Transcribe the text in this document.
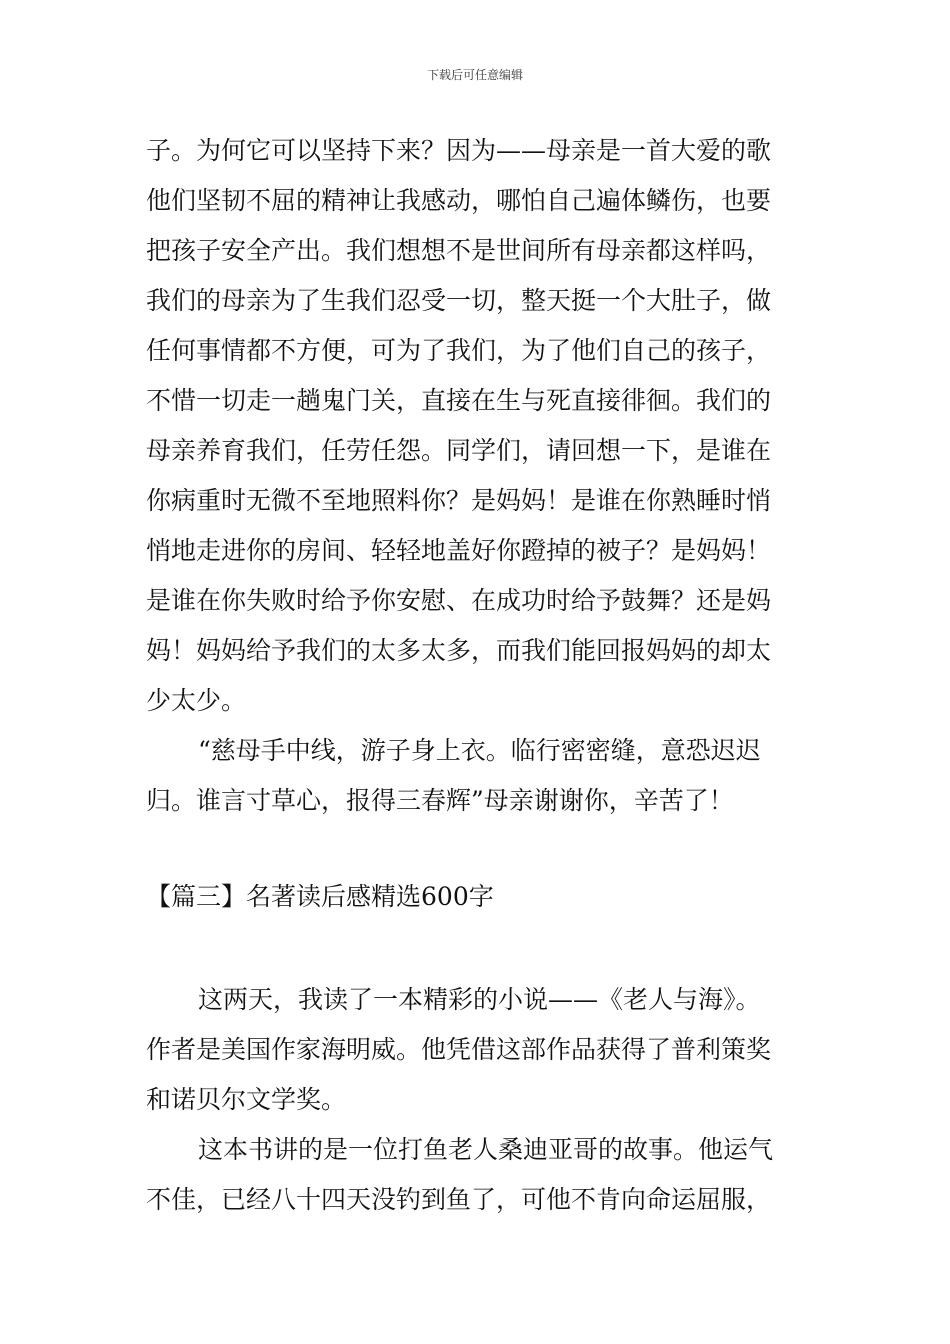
下载后可任意编辑
子。为何它可以坚持下来？因为——母亲是一首大爱的歌
他们坚韧不屈的精神让我感动，哪怕自己遍体鳞伤，也要
把孩子安全产出。我们想想不是世间所有母亲都这样吗，
我们的母亲为了生我们忍受一切，整天挺一个大肚子，做
任何事情都不方便，可为了我们，为了他们自己的孩子，
不惜一切走一趟鬼门关，直接在生与死直接徘徊。我们的
母亲养育我们，任劳任怨。同学们，请回想一下，是谁在
你病重时无微不至地照料你？是妈妈！是谁在你熟睡时悄
悄地走进你的房间、轻轻地盖好你蹬掉的被子？是妈妈！
是谁在你失败时给予你安慰、在成功时给予鼓舞？还是妈
妈！妈妈给予我们的太多太多，而我们能回报妈妈的却太
少太少。
“慈母手中线，游子身上衣。临行密密缝，意恐迟迟
归。谁言寸草心，报得三春辉”母亲谢谢你，辛苦了！
【篇三】名著读后感精选600字
这两天，我读了一本精彩的小说——《老人与海》。
作者是美国作家海明威。他凭借这部作品获得了普利策奖
和诺贝尔文学奖。
这本书讲的是一位打鱼老人桑迪亚哥的故事。他运气
不佳，已经八十四天没钓到鱼了，可他不肯向命运屈服，
